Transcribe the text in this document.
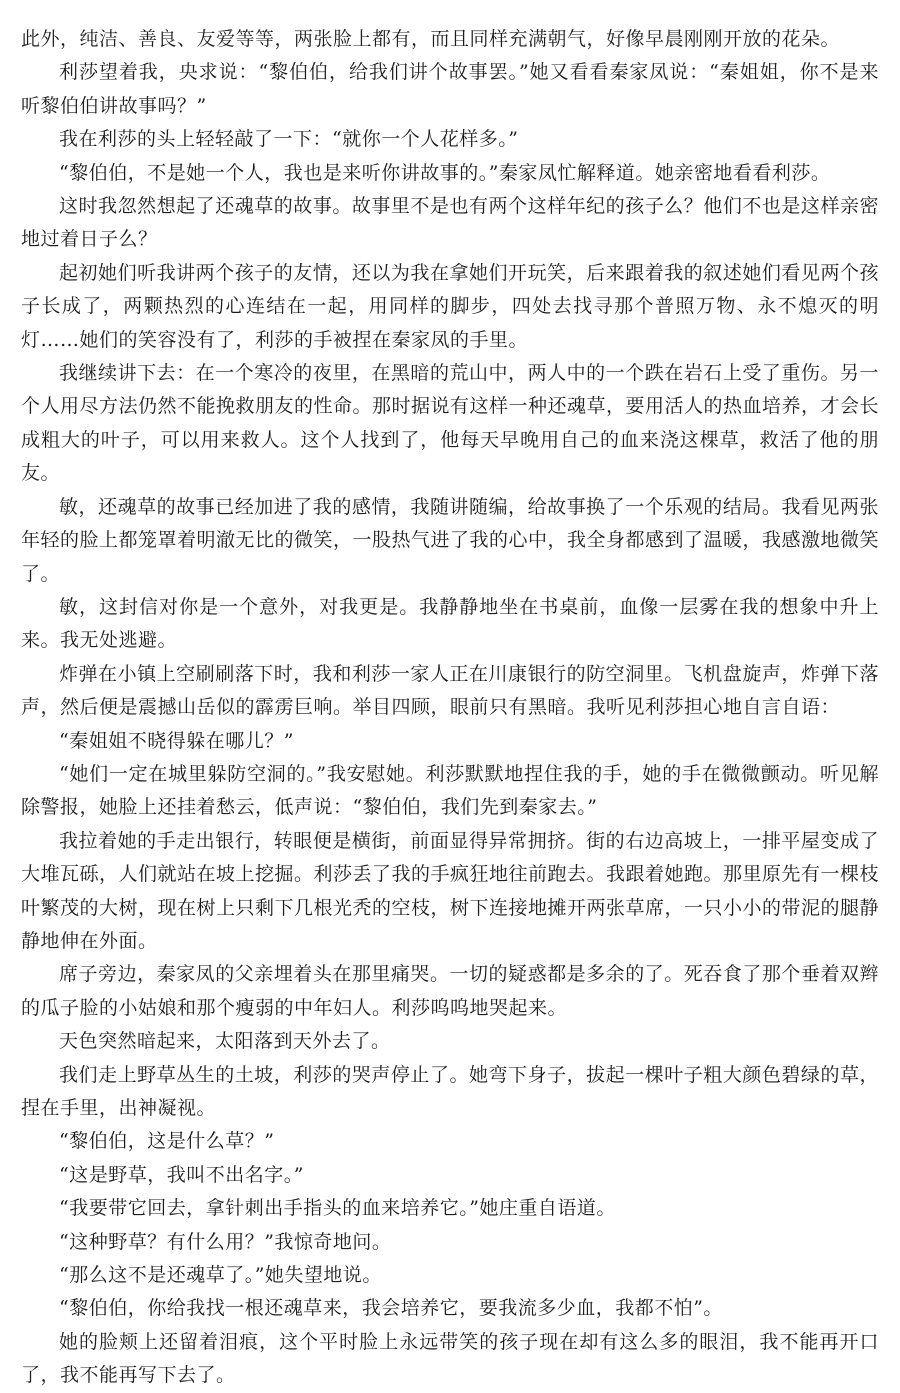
此外，纯洁、善良、友爱等等，两张脸上都有，而且同样充满朝气，好像早晨刚刚开放的花朵。

利莎望着我，央求说：“黎伯伯，给我们讲个故事罢。”她又看看秦家凤说：“秦姐姐，你不是来听黎伯伯讲故事吗？”

我在利莎的头上轻轻敲了一下：“就你一个人花样多。”

“黎伯伯，不是她一个人，我也是来听你讲故事的。”秦家凤忙解释道。她亲密地看看利莎。

这时我忽然想起了还魂草的故事。故事里不是也有两个这样年纪的孩子么？他们不也是这样亲密地过着日子么？

起初她们听我讲两个孩子的友情，还以为我在拿她们开玩笑，后来跟着我的叙述她们看见两个孩子长成了，两颗热烈的心连结在一起，用同样的脚步，四处去找寻那个普照万物、永不熄灭的明灯……她们的笑容没有了，利莎的手被捏在秦家凤的手里。

我继续讲下去：在一个寒冷的夜里，在黑暗的荒山中，两人中的一个跌在岩石上受了重伤。另一个人用尽方法仍然不能挽救朋友的性命。那时据说有这样一种还魂草，要用活人的热血培养，才会长成粗大的叶子，可以用来救人。这个人找到了，他每天早晚用自己的血来浇这棵草，救活了他的朋友。

敏，还魂草的故事已经加进了我的感情，我随讲随编，给故事换了一个乐观的结局。我看见两张年轻的脸上都笼罩着明澈无比的微笑，一股热气进了我的心中，我全身都感到了温暖，我感激地微笑了。

敏，这封信对你是一个意外，对我更是。我静静地坐在书桌前，血像一层雾在我的想象中升上来。我无处逃避。

炸弹在小镇上空刷刷落下时，我和利莎一家人正在川康银行的防空洞里。飞机盘旋声，炸弹下落声，然后便是震撼山岳似的霹雳巨响。举目四顾，眼前只有黑暗。我听见利莎担心地自言自语：

“秦姐姐不晓得躲在哪儿？”

“她们一定在城里躲防空洞的。”我安慰她。利莎默默地捏住我的手，她的手在微微颤动。听见解除警报，她脸上还挂着愁云，低声说：“黎伯伯，我们先到秦家去。”

我拉着她的手走出银行，转眼便是横街，前面显得异常拥挤。街的右边高坡上，一排平屋变成了大堆瓦砾，人们就站在坡上挖掘。利莎丢了我的手疯狂地往前跑去。我跟着她跑。那里原先有一棵枝叶繁茂的大树，现在树上只剩下几根光秃的空枝，树下连接地摊开两张草席，一只小小的带泥的腿静静地伸在外面。

席子旁边，秦家凤的父亲埋着头在那里痛哭。一切的疑惑都是多余的了。死吞食了那个垂着双辫的瓜子脸的小姑娘和那个瘦弱的中年妇人。利莎呜呜地哭起来。

天色突然暗起来，太阳落到天外去了。

我们走上野草丛生的土坡，利莎的哭声停止了。她弯下身子，拔起一棵叶子粗大颜色碧绿的草，捏在手里，出神凝视。

“黎伯伯，这是什么草？”

“这是野草，我叫不出名字。”

“我要带它回去，拿针刺出手指头的血来培养它。”她庄重自语道。

“这种野草？有什么用？”我惊奇地问。

“那么这不是还魂草了。”她失望地说。

“黎伯伯，你给我找一根还魂草来，我会培养它，要我流多少血，我都不怕”。

她的脸颊上还留着泪痕，这个平时脸上永远带笑的孩子现在却有这么多的眼泪，我不能再开口了，我不能再写下去了。
